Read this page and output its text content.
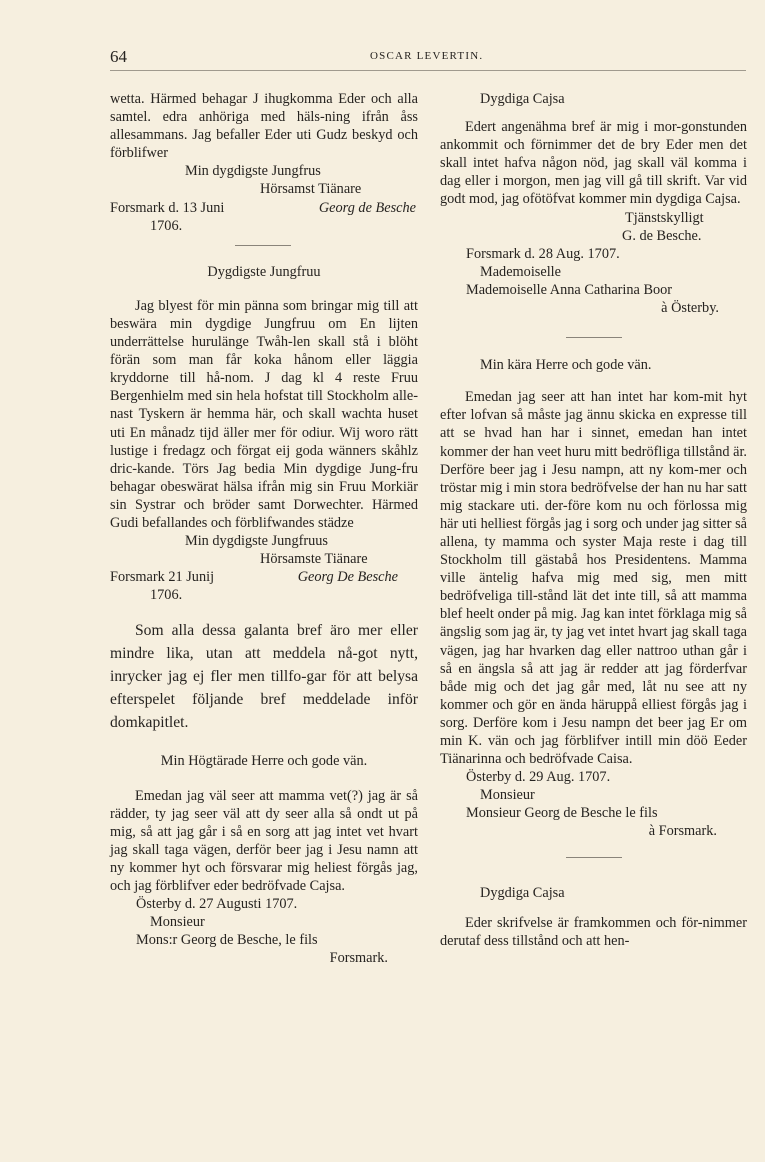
64	OSCAR LEVERTIN.

wetta. Härmed behagar J ihugkomma Eder och alla samtel. edra anhöriga med häls-ning ifrån åss allesammans. Jag befaller Eder uti Gudz beskyd och förblifwer

Min dygdigste Jungfrus

Hörsamst Tiänare

Forsmark d. 13 Juni	Georg de Besche

1706.

Dygdigste Jungfruu

Jag blyest för min pänna som bringar mig till att beswära min dygdige Jungfruu om En lijten underrättelse hurulänge Twåh-len skall stå i blöht förän som man får koka hånom eller läggia kryddorne till hå-nom. J dag kl 4 reste Fruu Bergenhielm med sin hela hofstat till Stockholm alle-nast Tyskern är hemma här, och skall wachta huset uti En månadz tijd äller mer för odiur. Wij woro rätt lustige i fredagz och förgat eij goda wänners skåhlz dric-kande. Törs Jag bedia Min dygdige Jung-fru behagar obeswärat hälsa ifrån mig sin Fruu Morkiär sin Systrar och bröder samt Dorwechter. Härmed Gudi befallandes och förblifwandes städze

Min dygdigste Jungfruus

Hörsamste Tiänare

Forsmark 21 Junij	Georg De Besche

1706.

Som alla dessa galanta bref äro mer eller mindre lika, utan att meddela nå-got nytt, inrycker jag ej fler men tillfo-gar för att belysa efterspelet följande bref meddelade inför domkapitlet.

Min Högtärade Herre och gode vän.

Emedan jag väl seer att mamma vet(?) jag är så rädder, ty jag seer väl att dy seer alla så ondt ut på mig, så att jag går i så en sorg att jag intet vet hvart jag skall taga vägen, derför beer jag i Jesu namn att ny kommer hyt och försvarar mig heliest förgås jag, och jag förblifver eder bedröfvade Cajsa.

Österby d. 27 Augusti 1707.

Monsieur

Mons:r Georg de Besche, le fils

Forsmark.

Dygdiga Cajsa

Edert angenähma bref är mig i mor-gonstunden ankommit och förnimmer det de bry Eder men det skall intet hafva någon nöd, jag skall väl komma i dag eller i morgon, men jag vill gå till skrift. Var vid godt mod, jag ofötöfvat kommer min dygdiga Cajsa.

Tjänstskylligt

G. de Besche.

Forsmark d. 28 Aug. 1707.

Mademoiselle

Mademoiselle Anna Catharina Boor

à Österby.

Min kära Herre och gode vän.

Emedan jag seer att han intet har kom-mit hyt efter lofvan så måste jag ännu skicka en expresse till att se hvad han har i sinnet, emedan han intet kommer der han veet huru mitt bedröfliga tillstånd är. Derföre beer jag i Jesu nampn, att ny kom-mer och tröstar mig i min stora bedröfvelse der han nu har satt mig stackare uti. der-före kom nu och förlossa mig här uti helliest förgås jag i sorg och under jag sitter så allena, ty mamma och syster Maja reste i dag till Stockholm till gästabå hos Presidentens. Mamma ville äntelig hafva mig med sig, men mitt bedröfveliga till-stånd lät det inte till, så att mamma blef heelt onder på mig. Jag kan intet förklaga mig så ängslig som jag är, ty jag vet intet hvart jag skall taga vägen, jag har hvarken dag eller nattroo uthan går i så en ängsla så att jag är redder att jag förderfvar både mig och det jag går med, låt nu see att ny kommer och gör en ända häruppå elliest förgås jag i sorg. Derföre kom i Jesu nampn det beer jag Er om min K. vän och jag förblifver intill min döö Eeder Tiänarinna och bedröfvade Caisa.

Österby d. 29 Aug. 1707.

Monsieur

Monsieur Georg de Besche le fils

à Forsmark.

Dygdiga Cajsa

Eder skrifvelse är framkommen och för-nimmer derutaf dess tillstånd och att hen-
